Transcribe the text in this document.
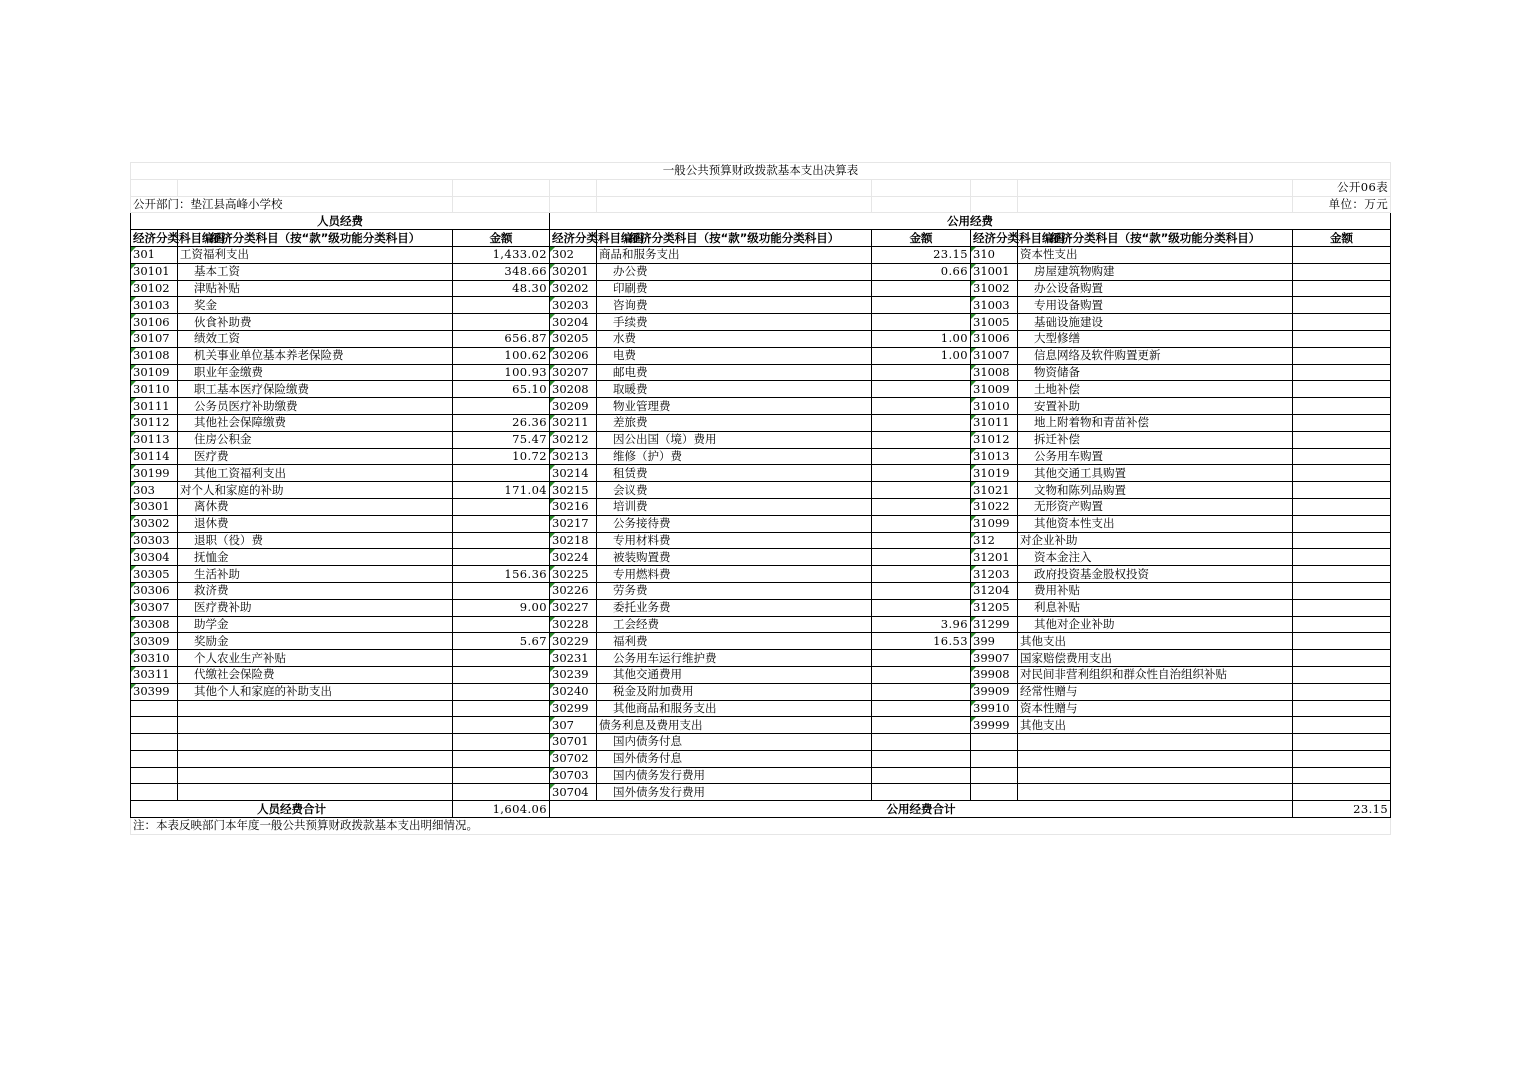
一般公共预算财政拨款基本支出决算表								
								公开06表
公开部门：垫江县高峰小学校								单位：万元
人员经费			公用经费					
经济分类科目编码	经济分类科目（按“款”级功能分类科目）	金额	经济分类科目编码	经济分类科目（按“款”级功能分类科目）	金额	经济分类科目编码	经济分类科目（按“款”级功能分类科目）	金额
301	工资福利支出	1,433.02	302	商品和服务支出	23.15	310	资本性支出	
30101	基本工资	348.66	30201	办公费	0.66	31001	房屋建筑物购建	
30102	津贴补贴	48.30	30202	印刷费		31002	办公设备购置	
30103	奖金		30203	咨询费		31003	专用设备购置	
30106	伙食补助费		30204	手续费		31005	基础设施建设	
30107	绩效工资	656.87	30205	水费	1.00	31006	大型修缮	
30108	机关事业单位基本养老保险费	100.62	30206	电费	1.00	31007	信息网络及软件购置更新	
30109	职业年金缴费	100.93	30207	邮电费		31008	物资储备	
30110	职工基本医疗保险缴费	65.10	30208	取暖费		31009	土地补偿	
30111	公务员医疗补助缴费		30209	物业管理费		31010	安置补助	
30112	其他社会保障缴费	26.36	30211	差旅费		31011	地上附着物和青苗补偿	
30113	住房公积金	75.47	30212	因公出国（境）费用		31012	拆迁补偿	
30114	医疗费	10.72	30213	维修（护）费		31013	公务用车购置	
30199	其他工资福利支出		30214	租赁费		31019	其他交通工具购置	
303	对个人和家庭的补助	171.04	30215	会议费		31021	文物和陈列品购置	
30301	离休费		30216	培训费		31022	无形资产购置	
30302	退休费		30217	公务接待费		31099	其他资本性支出	
30303	退职（役）费		30218	专用材料费		312	对企业补助	
30304	抚恤金		30224	被装购置费		31201	资本金注入	
30305	生活补助	156.36	30225	专用燃料费		31203	政府投资基金股权投资	
30306	救济费		30226	劳务费		31204	费用补贴	
30307	医疗费补助	9.00	30227	委托业务费		31205	利息补贴	
30308	助学金		30228	工会经费	3.96	31299	其他对企业补助	
30309	奖励金	5.67	30229	福利费	16.53	399	其他支出	
30310	个人农业生产补贴		30231	公务用车运行维护费		39907	国家赔偿费用支出	
30311	代缴社会保险费		30239	其他交通费用		39908	对民间非营利组织和群众性自治组织补贴	
30399	其他个人和家庭的补助支出		30240	税金及附加费用		39909	经常性赠与	
			30299	其他商品和服务支出		39910	资本性赠与	
			307	债务利息及费用支出		39999	其他支出	
			30701	国内债务付息				
			30702	国外债务付息				
			30703	国内债务发行费用				
			30704	国外债务发行费用				
人员经费合计		1,604.06	公用经费合计					23.15
注：本表反映部门本年度一般公共预算财政拨款基本支出明细情况。								
